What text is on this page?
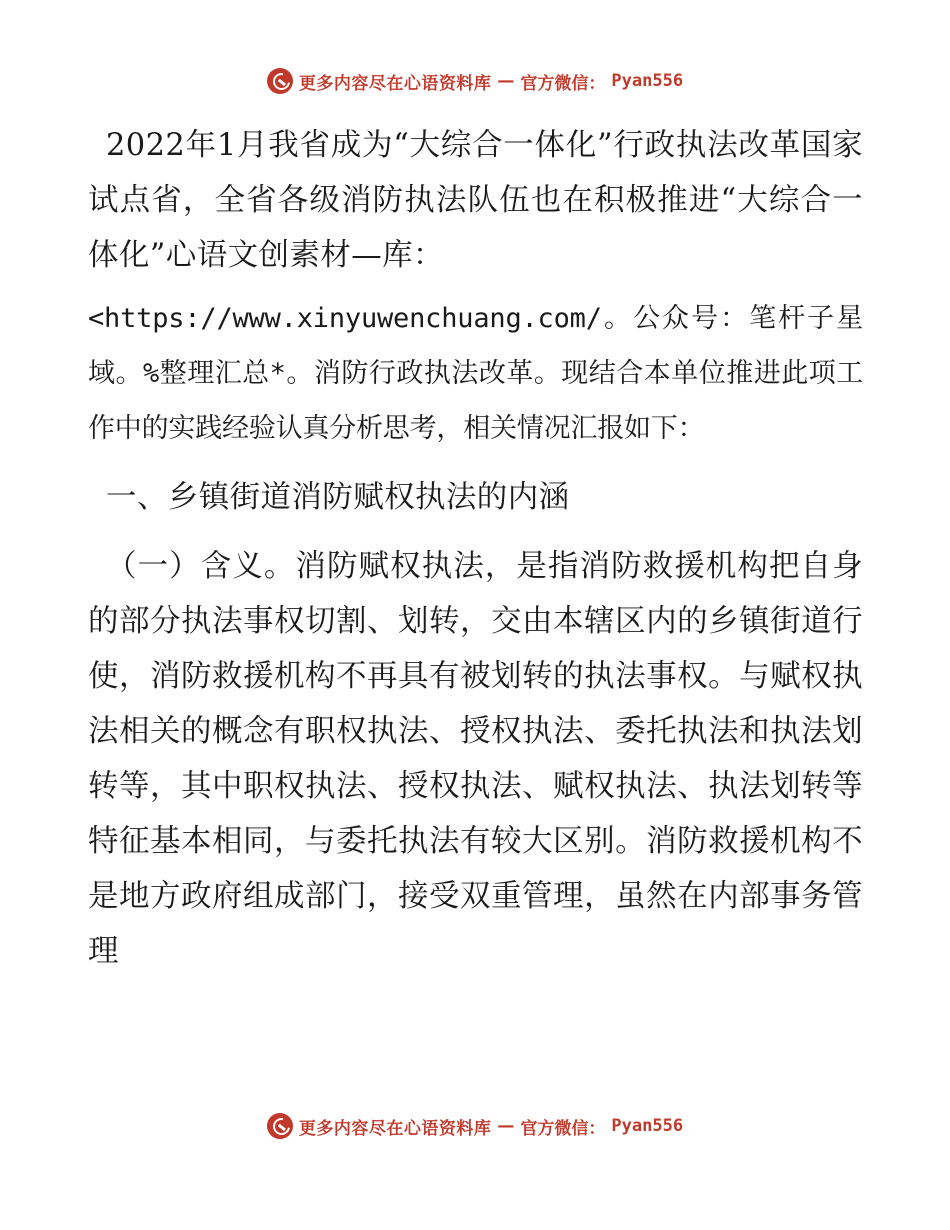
更多内容尽在心语资料库 — 官方微信： Pyan556

2022年1月我省成为“大综合一体化”行政执法改革国家试点省，全省各级消防执法队伍也在积极推进“大综合一体化”心语文创素材—库：

<https://www.xinyuwenchuang.com/。公众号：笔杆子星域。%整理汇总*。消防行政执法改革。现结合本单位推进此项工作中的实践经验认真分析思考，相关情况汇报如下：

一、乡镇街道消防赋权执法的内涵

（一）含义。消防赋权执法，是指消防救援机构把自身的部分执法事权切割、划转，交由本辖区内的乡镇街道行使，消防救援机构不再具有被划转的执法事权。与赋权执法相关的概念有职权执法、授权执法、委托执法和执法划转等，其中职权执法、授权执法、赋权执法、执法划转等特征基本相同，与委托执法有较大区别。消防救援机构不是地方政府组成部门，接受双重管理，虽然在内部事务管理

更多内容尽在心语资料库 — 官方微信： Pyan556
